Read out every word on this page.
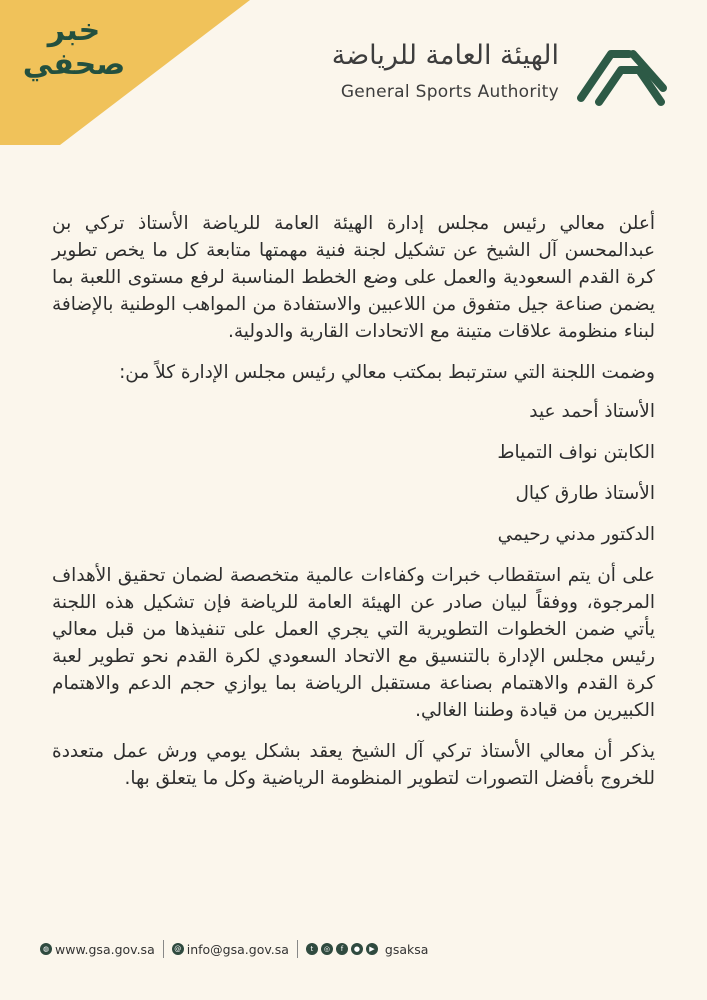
خبر
صحفي	الهيئة العامة للرياضة
General Sports Authority

أعلن معالي رئيس مجلس إدارة الهيئة العامة للرياضة الأستاذ تركي بن عبدالمحسن آل الشيخ عن تشكيل لجنة فنية مهمتها متابعة كل ما يخص تطوير كرة القدم السعودية والعمل على وضع الخطط المناسبة لرفع مستوى اللعبة بما يضمن صناعة جيل متفوق من اللاعبين والاستفادة من المواهب الوطنية بالإضافة لبناء منظومة علاقات متينة مع الاتحادات القارية والدولية.

وضمت اللجنة التي سترتبط بمكتب معالي رئيس مجلس الإدارة كلاً من:

الأستاذ أحمد عيد

الكابتن نواف التمياط

الأستاذ طارق كيال

الدكتور مدني رحيمي

على أن يتم استقطاب خبرات وكفاءات عالمية متخصصة لضمان تحقيق الأهداف المرجوة، ووفقاً لبيان صادر عن الهيئة العامة للرياضة فإن تشكيل هذه اللجنة يأتي ضمن الخطوات التطويرية التي يجري العمل على تنفيذها من قبل معالي رئيس مجلس الإدارة بالتنسيق مع الاتحاد السعودي لكرة القدم نحو تطوير لعبة كرة القدم والاهتمام بصناعة مستقبل الرياضة بما يوازي حجم الدعم والاهتمام الكبيرين من قيادة وطننا الغالي.

يذكر أن معالي الأستاذ تركي آل الشيخ يعقد بشكل يومي ورش عمل متعددة للخروج بأفضل التصورات لتطوير المنظومة الرياضية وكل ما يتعلق بها.

◍ www.gsa.gov.sa	@ info@gsa.gov.sa	t	◎	f	●	▶ gsaksa
